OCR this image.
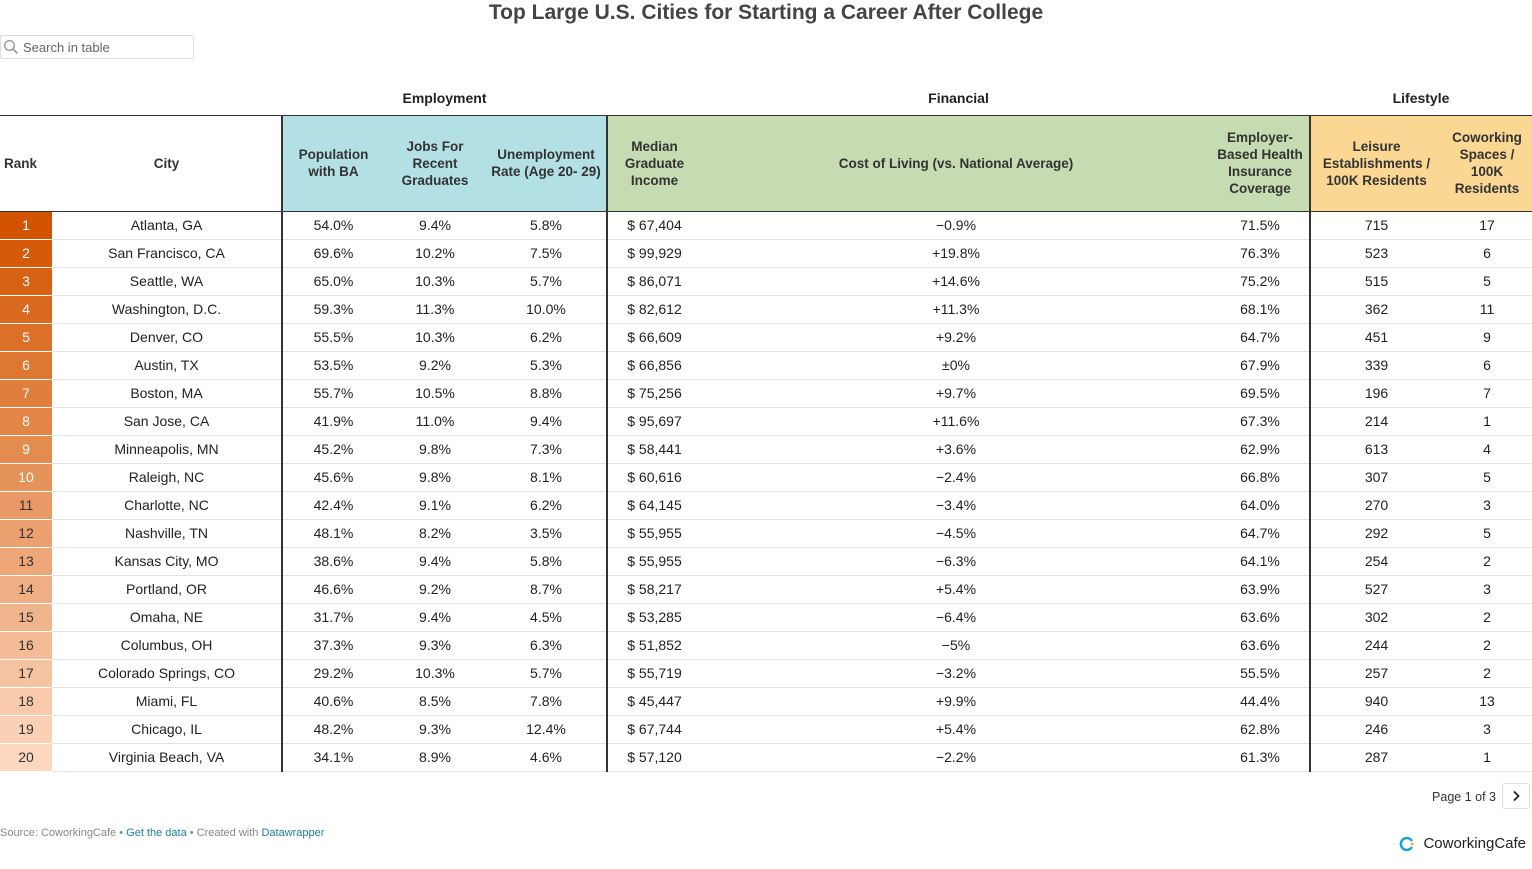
Top Large U.S. Cities for Starting a Career After College
Search in table
Employment	Financial	Lifestyle
Rank	City	Population with BA	Jobs For Recent Graduates	Unemployment Rate (Age 20- 29)	Median Graduate Income	Cost of Living (vs. National Average)	Employer-Based Health Insurance Coverage	Leisure Establishments / 100K Residents	Coworking Spaces / 100K Residents
1	Atlanta, GA	54.0%	9.4%	5.8%	$ 67,404	−0.9%	71.5%	715	17
2	San Francisco, CA	69.6%	10.2%	7.5%	$ 99,929	+19.8%	76.3%	523	6
3	Seattle, WA	65.0%	10.3%	5.7%	$ 86,071	+14.6%	75.2%	515	5
4	Washington, D.C.	59.3%	11.3%	10.0%	$ 82,612	+11.3%	68.1%	362	11
5	Denver, CO	55.5%	10.3%	6.2%	$ 66,609	+9.2%	64.7%	451	9
6	Austin, TX	53.5%	9.2%	5.3%	$ 66,856	±0%	67.9%	339	6
7	Boston, MA	55.7%	10.5%	8.8%	$ 75,256	+9.7%	69.5%	196	7
8	San Jose, CA	41.9%	11.0%	9.4%	$ 95,697	+11.6%	67.3%	214	1
9	Minneapolis, MN	45.2%	9.8%	7.3%	$ 58,441	+3.6%	62.9%	613	4
10	Raleigh, NC	45.6%	9.8%	8.1%	$ 60,616	−2.4%	66.8%	307	5
11	Charlotte, NC	42.4%	9.1%	6.2%	$ 64,145	−3.4%	64.0%	270	3
12	Nashville, TN	48.1%	8.2%	3.5%	$ 55,955	−4.5%	64.7%	292	5
13	Kansas City, MO	38.6%	9.4%	5.8%	$ 55,955	−6.3%	64.1%	254	2
14	Portland, OR	46.6%	9.2%	8.7%	$ 58,217	+5.4%	63.9%	527	3
15	Omaha, NE	31.7%	9.4%	4.5%	$ 53,285	−6.4%	63.6%	302	2
16	Columbus, OH	37.3%	9.3%	6.3%	$ 51,852	−5%	63.6%	244	2
17	Colorado Springs, CO	29.2%	10.3%	5.7%	$ 55,719	−3.2%	55.5%	257	2
18	Miami, FL	40.6%	8.5%	7.8%	$ 45,447	+9.9%	44.4%	940	13
19	Chicago, IL	48.2%	9.3%	12.4%	$ 67,744	+5.4%	62.8%	246	3
20	Virginia Beach, VA	34.1%	8.9%	4.6%	$ 57,120	−2.2%	61.3%	287	1
Page 1 of 3
Source: CoworkingCafe • Get the data • Created with Datawrapper
CoworkingCafe
